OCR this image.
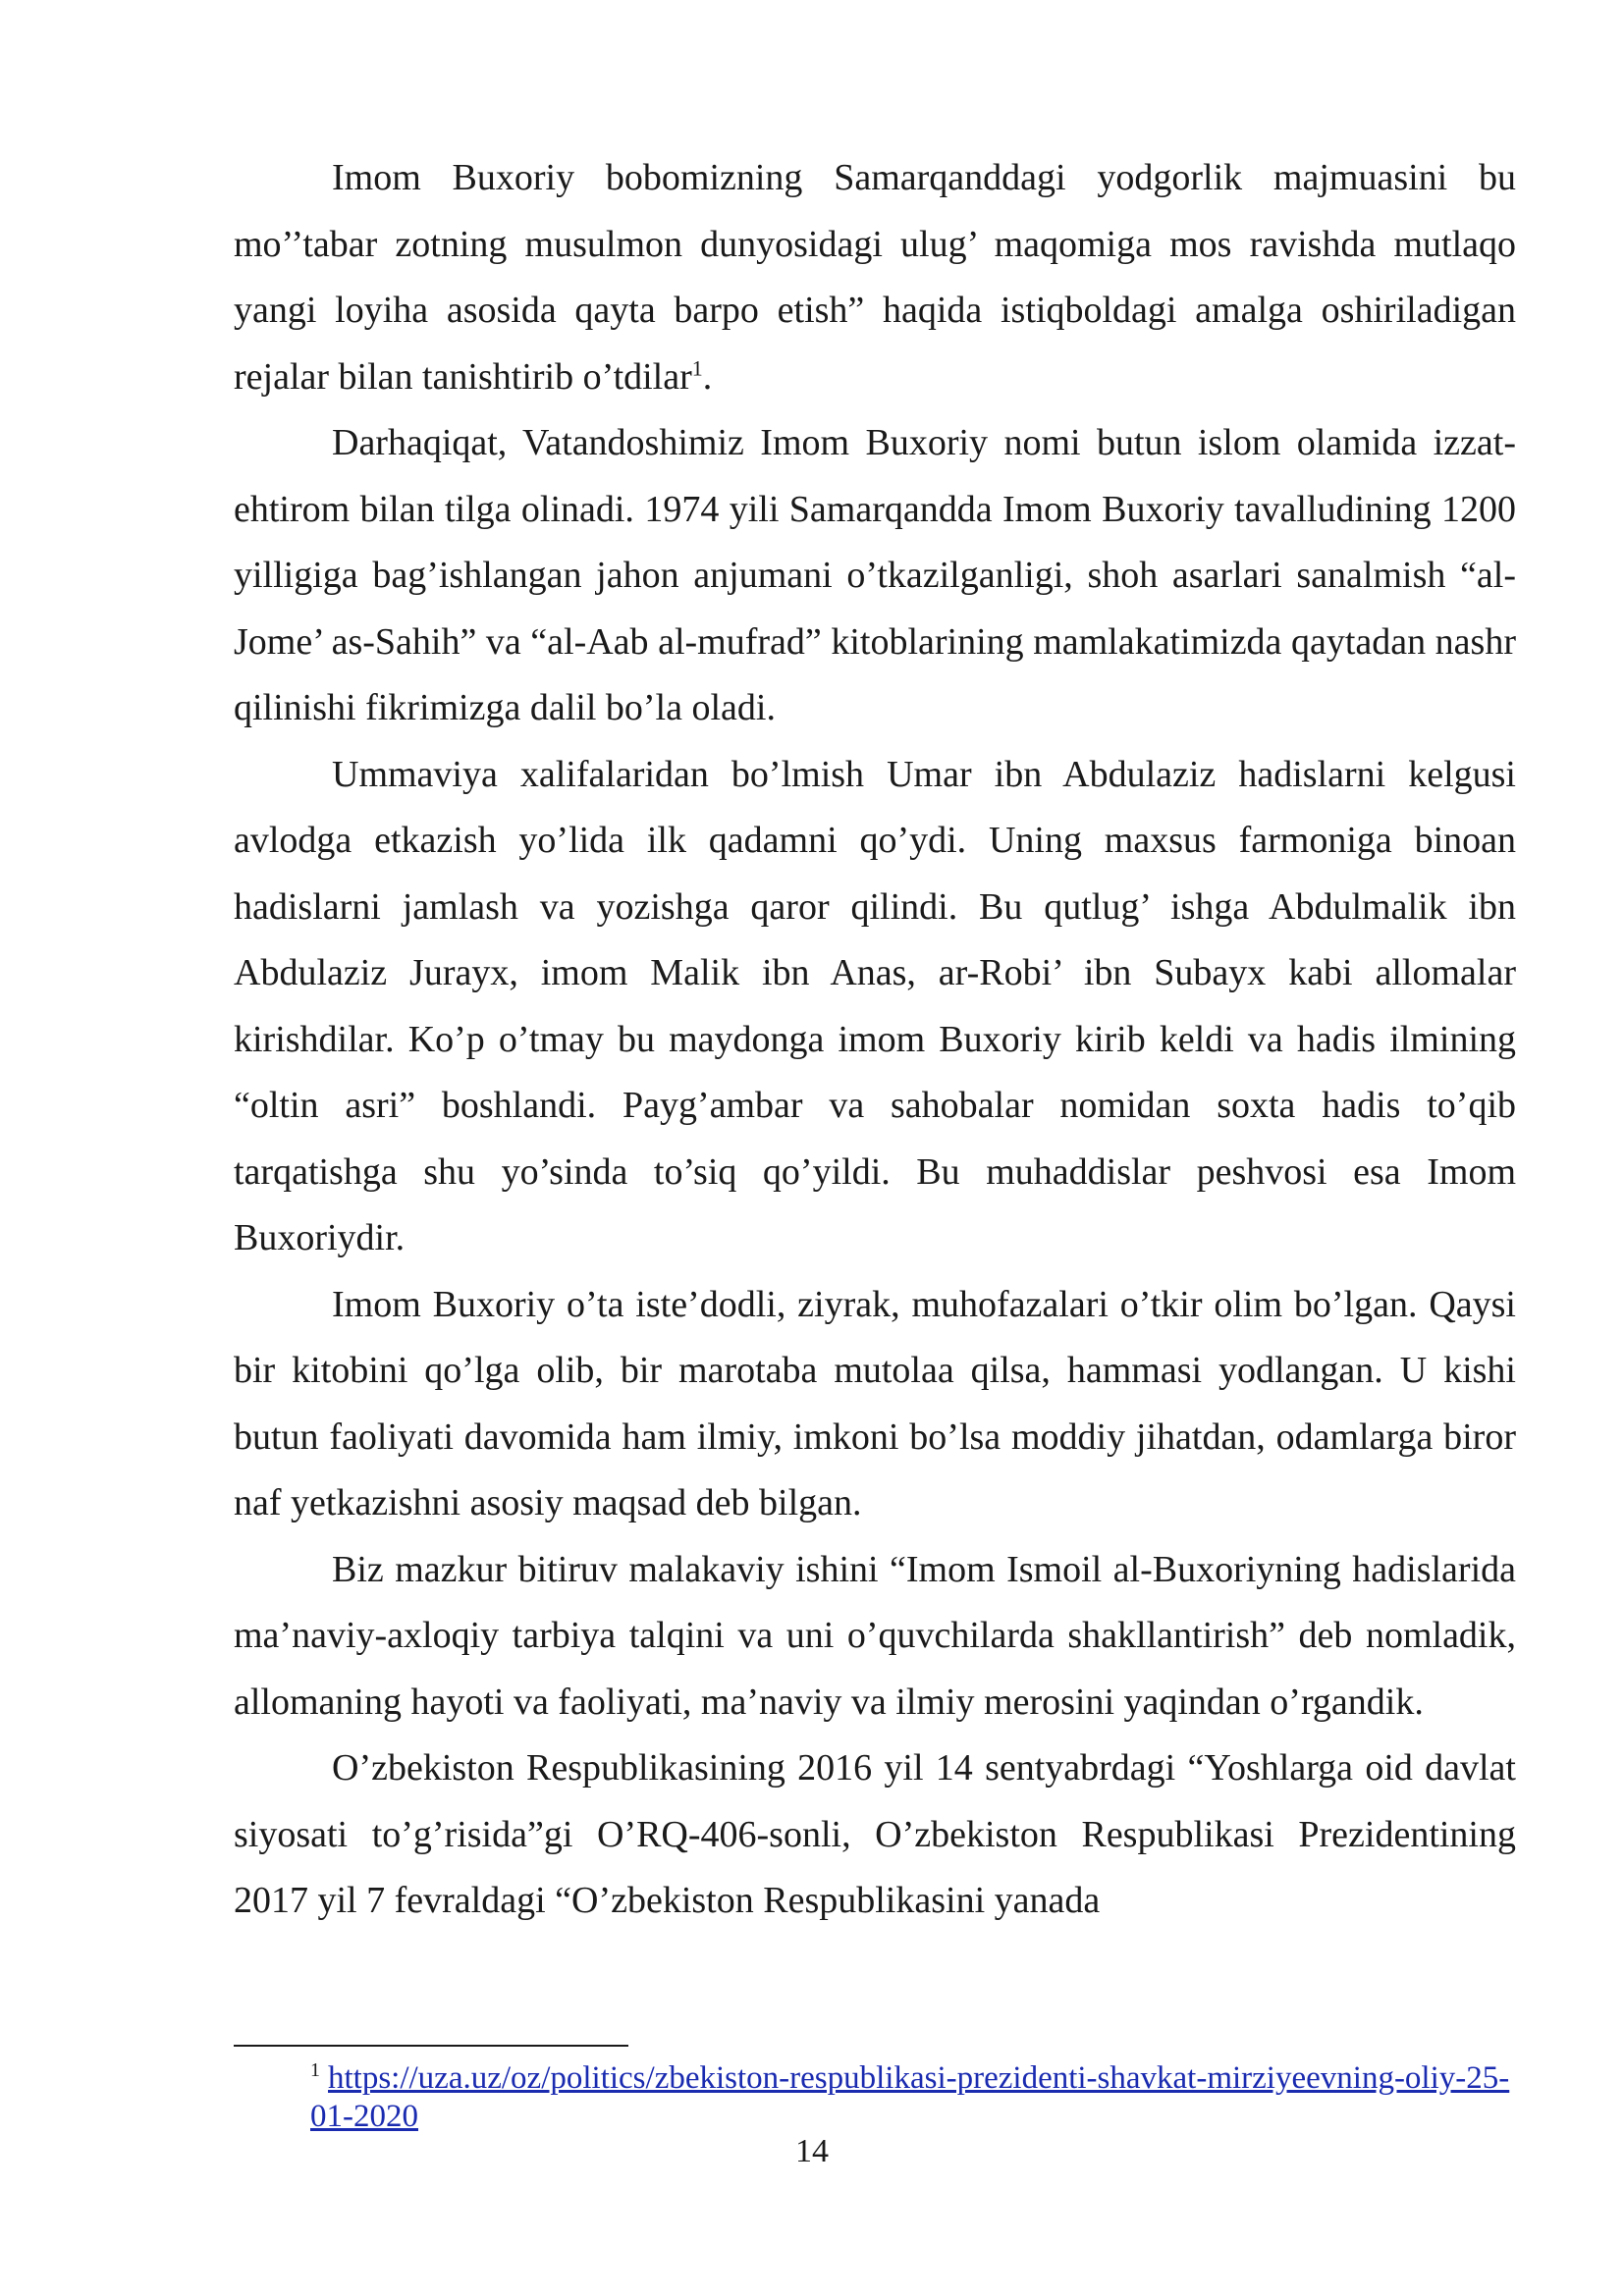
Imom Buxoriy bobomizning Samarqanddagi yodgorlik majmuasini bu mo’’tabar zotning musulmon dunyosidagi ulug’ maqomiga mos ravishda mutlaqo yangi loyiha asosida qayta barpo etish” haqida istiqboldagi amalga oshiriladigan rejalar bilan tanishtirib o’tdilar$^1$.

Darhaqiqat, Vatandoshimiz Imom Buxoriy nomi butun islom olamida izzat-ehtirom bilan tilga olinadi. 1974 yili Samarqandda Imom Buxoriy tavalludining 1200 yilligiga bag’ishlangan jahon anjumani o’tkazilganligi, shoh asarlari sanalmish “al-Jome’ as-Sahih” va “al-Aab al-mufrad” kitoblarining mamlakatimizda qaytadan nashr qilinishi fikrimizga dalil bo’la oladi.

Ummaviya xalifalaridan bo’lmish Umar ibn Abdulaziz hadislarni kelgusi avlodga etkazish yo’lida ilk qadamni qo’ydi. Uning maxsus farmoniga binoan hadislarni jamlash va yozishga qaror qilindi. Bu qutlug’ ishga Abdulmalik ibn Abdulaziz Jurayx, imom Malik ibn Anas, ar-Robi’ ibn Subayx kabi allomalar kirishdilar. Ko’p o’tmay bu maydonga imom Buxoriy kirib keldi va hadis ilmining “oltin asri” boshlandi. Payg’ambar va sahobalar nomidan soxta hadis to’qib tarqatishga shu yo’sinda to’siq qo’yildi. Bu muhaddislar peshvosi esa Imom Buxoriydir.

Imom Buxoriy o’ta iste’dodli, ziyrak, muhofazalari o’tkir olim bo’lgan. Qaysi bir kitobini qo’lga olib, bir marotaba mutolaa qilsa, hammasi yodlangan. U kishi butun faoliyati davomida ham ilmiy, imkoni bo’lsa moddiy jihatdan, odamlarga biror naf yetkazishni asosiy maqsad deb bilgan.

Biz mazkur bitiruv malakaviy ishini “Imom Ismoil al-Buxoriyning hadislarida ma’naviy-axloqiy tarbiya talqini va uni o’quvchilarda shakllantirish” deb nomladik, allomaning hayoti va faoliyati, ma’naviy va ilmiy merosini yaqindan o’rgandik.

O’zbekiston Respublikasining 2016 yil 14 sentyabrdagi “Yoshlarga oid davlat siyosati to’g’risida”gi O’RQ-406-sonli, O’zbekiston Respublikasi Prezidentining 2017 yil 7 fevraldagi “O’zbekiston Respublikasini yanada

$^1$ https://uza.uz/oz/politics/zbekiston-respublikasi-prezidenti-shavkat-mirziyeevning-oliy-25-01-2020
14
